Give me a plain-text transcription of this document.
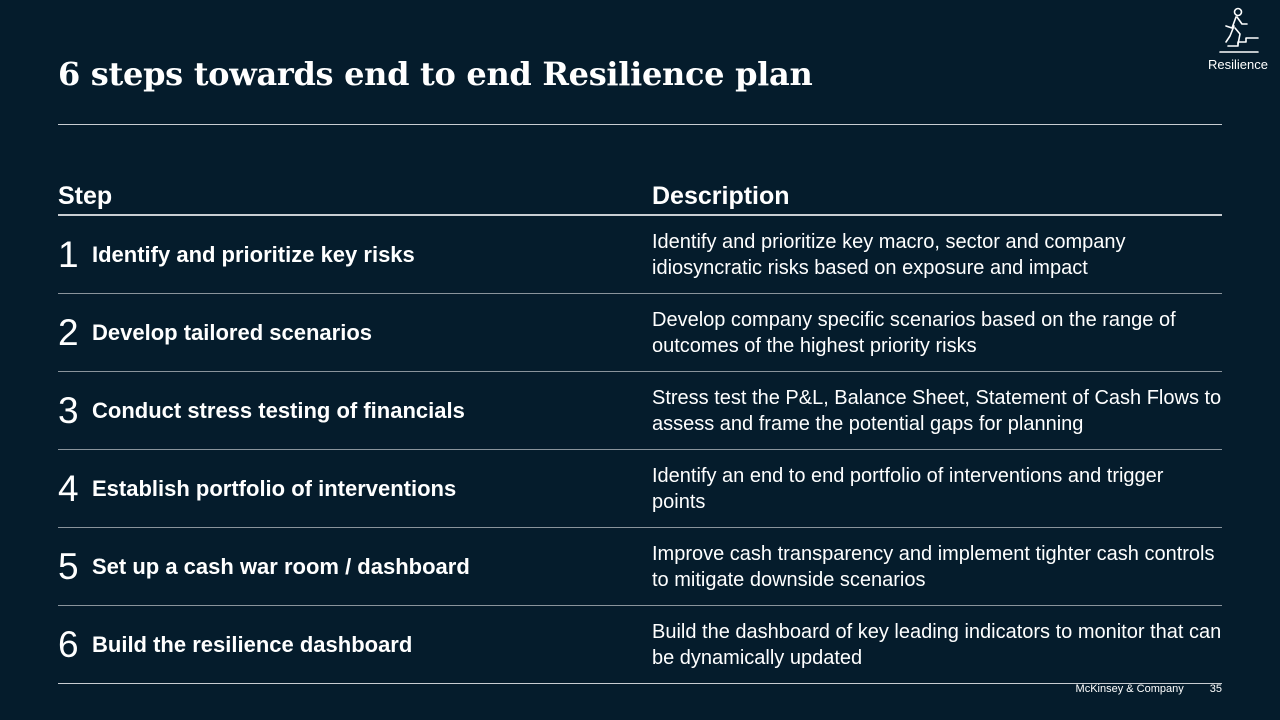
6 steps towards end to end Resilience plan	Resilience
Step	Description
1 Identify and prioritize key risks	Identify and prioritize key macro, sector and company idiosyncratic risks based on exposure and impact
2 Develop tailored scenarios	Develop company specific scenarios based on the range of outcomes of the highest priority risks
3 Conduct stress testing of financials	Stress test the P&L, Balance Sheet, Statement of Cash Flows to assess and frame the potential gaps for planning
4 Establish portfolio of interventions	Identify an end to end portfolio of interventions and trigger points
5 Set up a cash war room / dashboard	Improve cash transparency and implement tighter cash controls to mitigate downside scenarios
6 Build the resilience dashboard	Build the dashboard of key leading indicators to monitor that can be dynamically updated
McKinsey & Company 35
